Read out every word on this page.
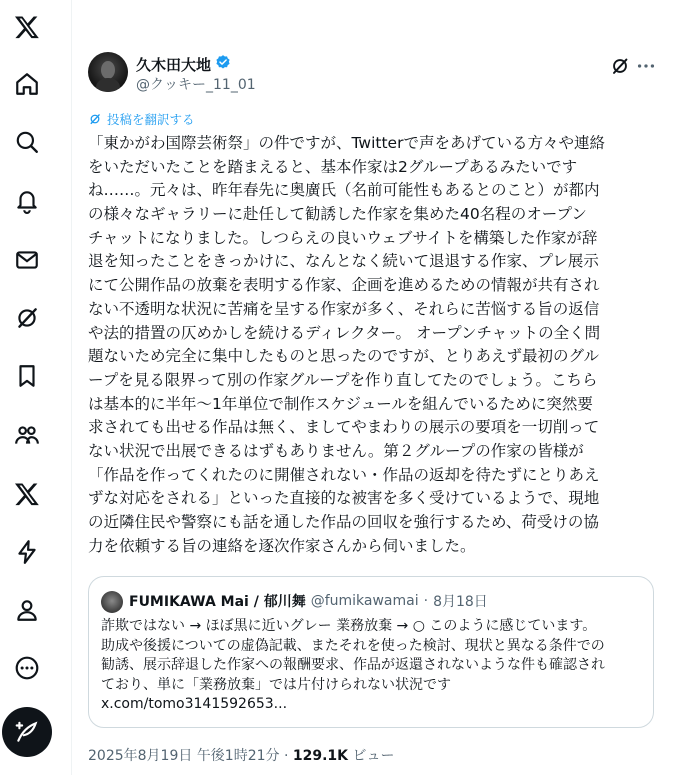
久木田大地
@クッキー_11_01
投稿を翻訳する
「東かがわ国際芸術祭」の件ですが、Twitterで声をあげている方々や連絡
をいただいたことを踏まえると、基本作家は2グループあるみたいです
ね……。元々は、昨年春先に奥廣氏（名前可能性もあるとのこと）が都内
の様々なギャラリーに赴任して勧誘した作家を集めた40名程のオープン
チャットになりました。しつらえの良いウェブサイトを構築した作家が辞
退を知ったことをきっかけに、なんとなく続いて退退する作家、プレ展示
にて公開作品の放棄を表明する作家、企画を進めるための情報が共有され
ない不透明な状況に苦痛を呈する作家が多く、それらに苦悩する旨の返信
や法的措置の仄めかしを続けるディレクター。 オープンチャットの全く問
題ないため完全に集中したものと思ったのですが、とりあえず最初のグル
ープを見る限界って別の作家グループを作り直してたのでしょう。こちら
は基本的に半年〜1年単位で制作スケジュールを組んでいるために突然要
求されても出せる作品は無く、ましてやまわりの展示の要項を一切削って
ない状況で出展できるはずもありません。第２グループの作家の皆様が
「作品を作ってくれたのに開催されない・作品の返却を待たずにとりあえ
ずな対応をされる」といった直接的な被害を多く受けているようで、現地
の近隣住民や警察にも話を通した作品の回収を強行するため、荷受けの協
力を依頼する旨の連絡を逐次作家さんから伺いました。
FUMIKAWA Mai / 郁川舞 @fumikawamai · 8月18日
詐欺ではない → ほぼ黒に近いグレー 業務放棄 → ○ このように感じています。
助成や後援についての虚偽記載、またそれを使った検討、現状と異なる条件での
勧誘、展示辞退した作家への報酬要求、作品が返還されないような件も確認され
ており、単に「業務放棄」では片付けられない状況です
x.com/tomo3141592653...
2025年8月19日 午後1時21分 · 129.1K ビュー
